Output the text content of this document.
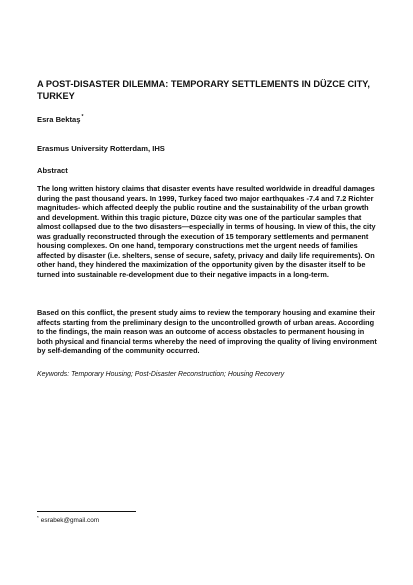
A POST-DISASTER DILEMMA: TEMPORARY SETTLEMENTS IN DÜZCE CITY, TURKEY

Esra Bektaş*

Erasmus University Rotterdam, IHS

Abstract

The long written history claims that disaster events have resulted worldwide in dreadful damages during the past thousand years. In 1999, Turkey faced two major earthquakes -7.4 and 7.2 Richter magnitudes- which affected deeply the public routine and the sustainability of the urban growth and development. Within this tragic picture, Düzce city was one of the particular samples that almost collapsed due to the two disasters—especially in terms of housing. In view of this, the city was gradually reconstructed through the execution of 15 temporary settlements and permanent housing complexes. On one hand, temporary constructions met the urgent needs of families affected by disaster (i.e. shelters, sense of secure, safety, privacy and daily life requirements). On other hand, they hindered the maximization of the opportunity given by the disaster itself to be turned into sustainable re-development due to their negative impacts in a long-term.

Based on this conflict, the present study aims to review the temporary housing and examine their affects starting from the preliminary design to the uncontrolled growth of urban areas. According to the findings, the main reason was an outcome of access obstacles to permanent housing in both physical and financial terms whereby the need of improving the quality of living environment by self-demanding of the community occurred.

Keywords: Temporary Housing; Post-Disaster Reconstruction; Housing Recovery

* esrabek@gmail.com
